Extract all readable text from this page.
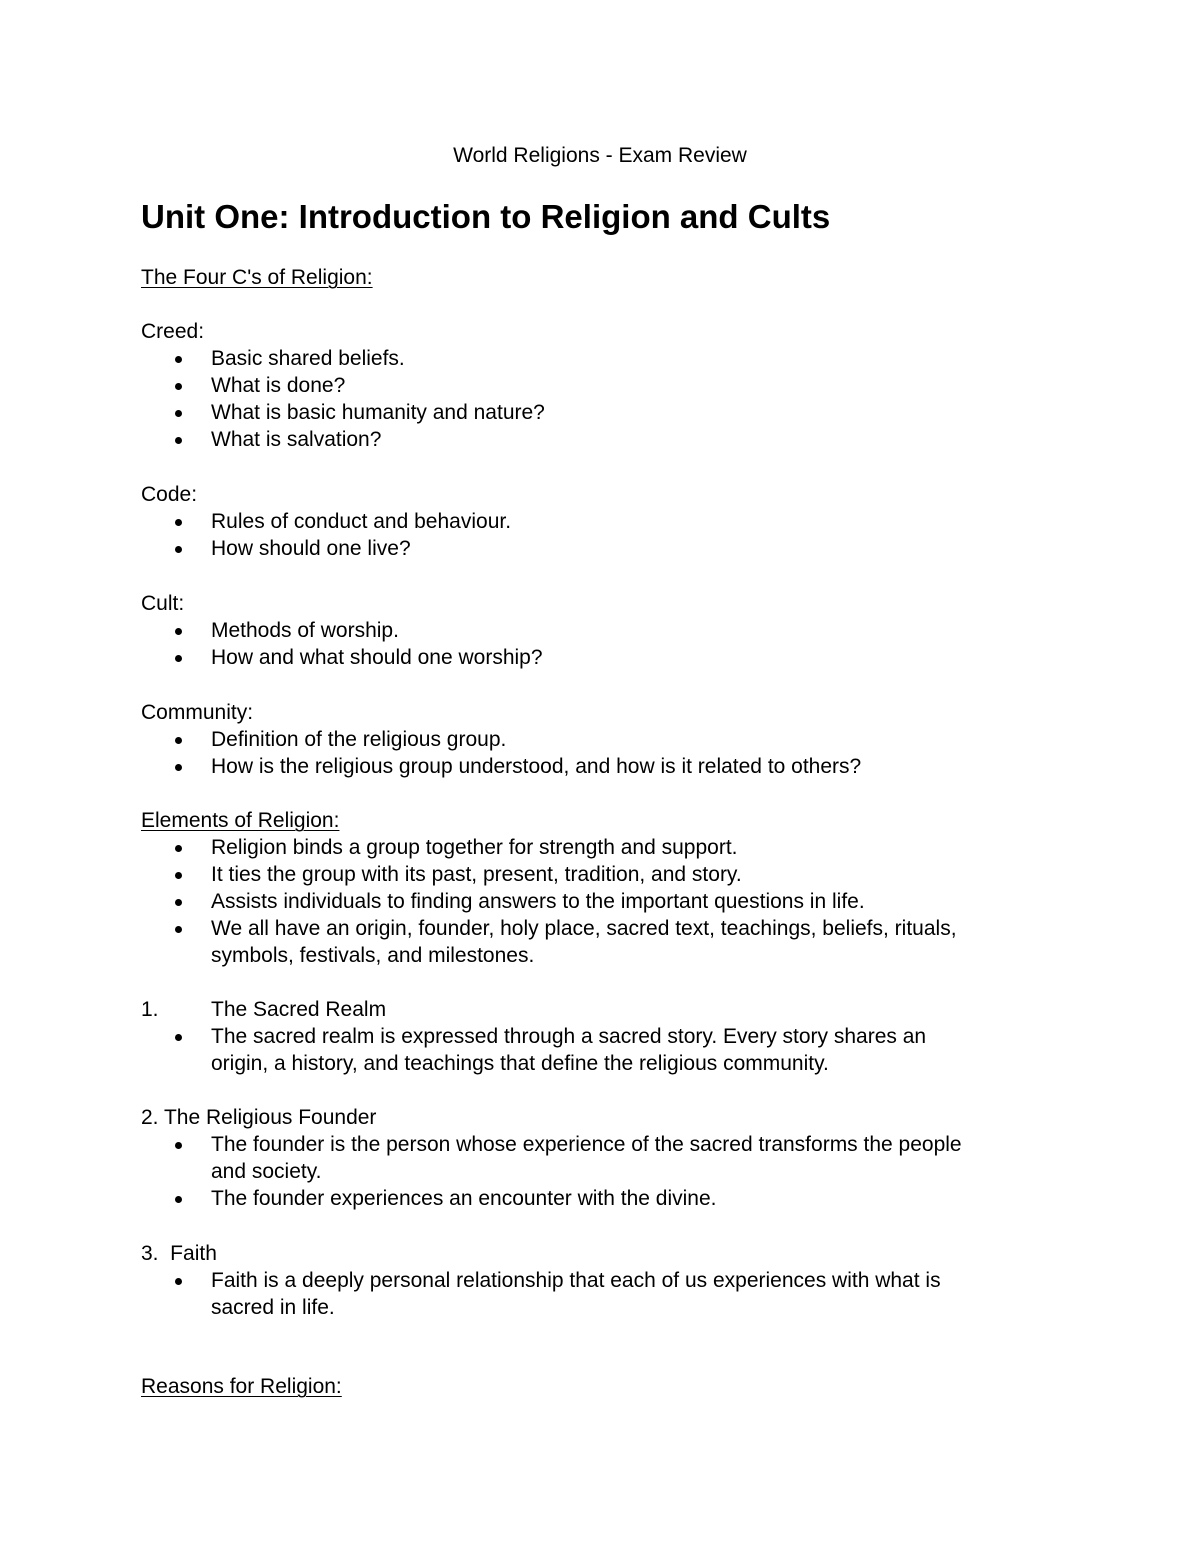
World Religions - Exam Review
Unit One: Introduction to Religion and Cults
The Four C's of Religion:
Creed:
Basic shared beliefs.
What is done?
What is basic humanity and nature?
What is salvation?
Code:
Rules of conduct and behaviour.
How should one live?
Cult:
Methods of worship.
How and what should one worship?
Community:
Definition of the religious group.
How is the religious group understood, and how is it related to others?
Elements of Religion:
Religion binds a group together for strength and support.
It ties the group with its past, present, tradition, and story.
Assists individuals to finding answers to the important questions in life.
We all have an origin, founder, holy place, sacred text, teachings, beliefs, rituals,
symbols, festivals, and milestones.
1. The Sacred Realm
The sacred realm is expressed through a sacred story. Every story shares an
origin, a history, and teachings that define the religious community.
2. The Religious Founder
The founder is the person whose experience of the sacred transforms the people
and society.
The founder experiences an encounter with the divine.
3.  Faith
Faith is a deeply personal relationship that each of us experiences with what is
sacred in life.
Reasons for Religion:
